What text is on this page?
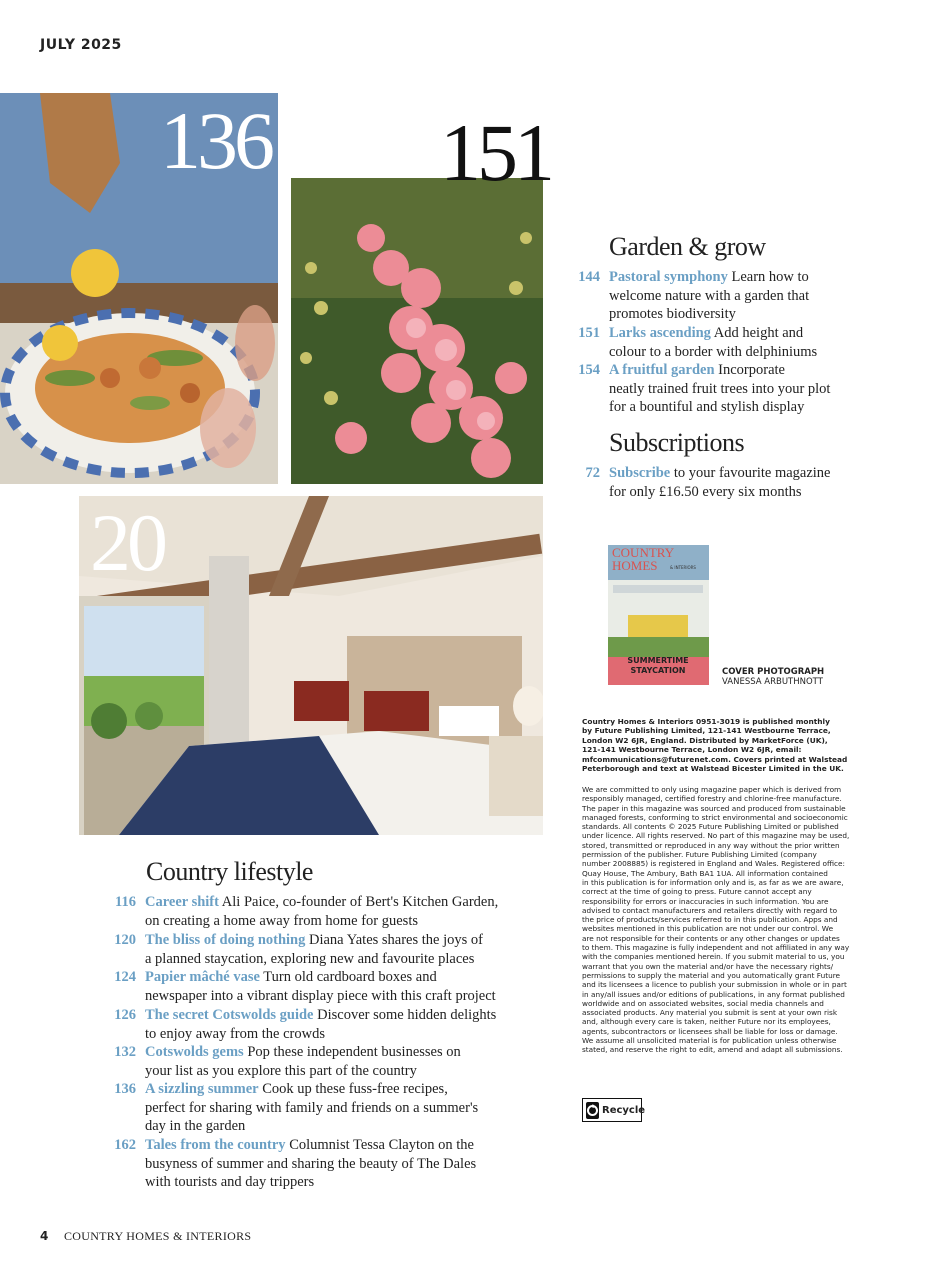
JULY 2025
136 151
20
Garden & grow
144 Pastoral symphony Learn how to
welcome nature with a garden that
promotes biodiversity
151 Larks ascending Add height and
colour to a border with delphiniums
154 A fruitful garden Incorporate
neatly trained fruit trees into your plot
for a bountiful and stylish display
Subscriptions
72 Subscribe to your favourite magazine
for only £16.50 every six months
COUNTRY
HOMES	& INTERIORS
SUMMERTIME
STAYCATION	COVER PHOTOGRAPH
VANESSA ARBUTHNOTT
Country Homes & Interiors 0951-3019 is published monthly
by Future Publishing Limited, 121-141 Westbourne Terrace,
London W2 6JR, England. Distributed by MarketForce (UK),
121-141 Westbourne Terrace, London W2 6JR, email:
mfcommunications@futurenet.com. Covers printed at Walstead
Peterborough and text at Walstead Bicester Limited in the UK.
We are committed to only using magazine paper which is derived from
responsibly managed, certified forestry and chlorine-free manufacture.
The paper in this magazine was sourced and produced from sustainable
managed forests, conforming to strict environmental and socioeconomic
standards. All contents © 2025 Future Publishing Limited or published
under licence. All rights reserved. No part of this magazine may be used,
stored, transmitted or reproduced in any way without the prior written
permission of the publisher. Future Publishing Limited (company
number 2008885) is registered in England and Wales. Registered office:
Quay House, The Ambury, Bath BA1 1UA. All information contained
in this publication is for information only and is, as far as we are aware,
correct at the time of going to press. Future cannot accept any
responsibility for errors or inaccuracies in such information. You are
advised to contact manufacturers and retailers directly with regard to
the price of products/services referred to in this publication. Apps and
websites mentioned in this publication are not under our control. We
are not responsible for their contents or any other changes or updates
to them. This magazine is fully independent and not affiliated in any way
with the companies mentioned herein. If you submit material to us, you
warrant that you own the material and/or have the necessary rights/
permissions to supply the material and you automatically grant Future
and its licensees a licence to publish your submission in whole or in part
in any/all issues and/or editions of publications, in any format published
worldwide and on associated websites, social media channels and
associated products. Any material you submit is sent at your own risk
and, although every care is taken, neither Future nor its employees,
agents, subcontractors or licensees shall be liable for loss or damage.
We assume all unsolicited material is for publication unless otherwise
stated, and reserve the right to edit, amend and adapt all submissions.
Recycle
Country lifestyle
116 Career shift Ali Paice, co-founder of Bert's Kitchen Garden,
on creating a home away from home for guests
120 The bliss of doing nothing Diana Yates shares the joys of
a planned staycation, exploring new and favourite places
124 Papier mâché vase Turn old cardboard boxes and
newspaper into a vibrant display piece with this craft project
126 The secret Cotswolds guide Discover some hidden delights
to enjoy away from the crowds
132 Cotswolds gems Pop these independent businesses on
your list as you explore this part of the country
136 A sizzling summer Cook up these fuss-free recipes,
perfect for sharing with family and friends on a summer's
day in the garden
162 Tales from the country Columnist Tessa Clayton on the
busyness of summer and sharing the beauty of The Dales
with tourists and day trippers
4 COUNTRY HOMES & INTERIORS
